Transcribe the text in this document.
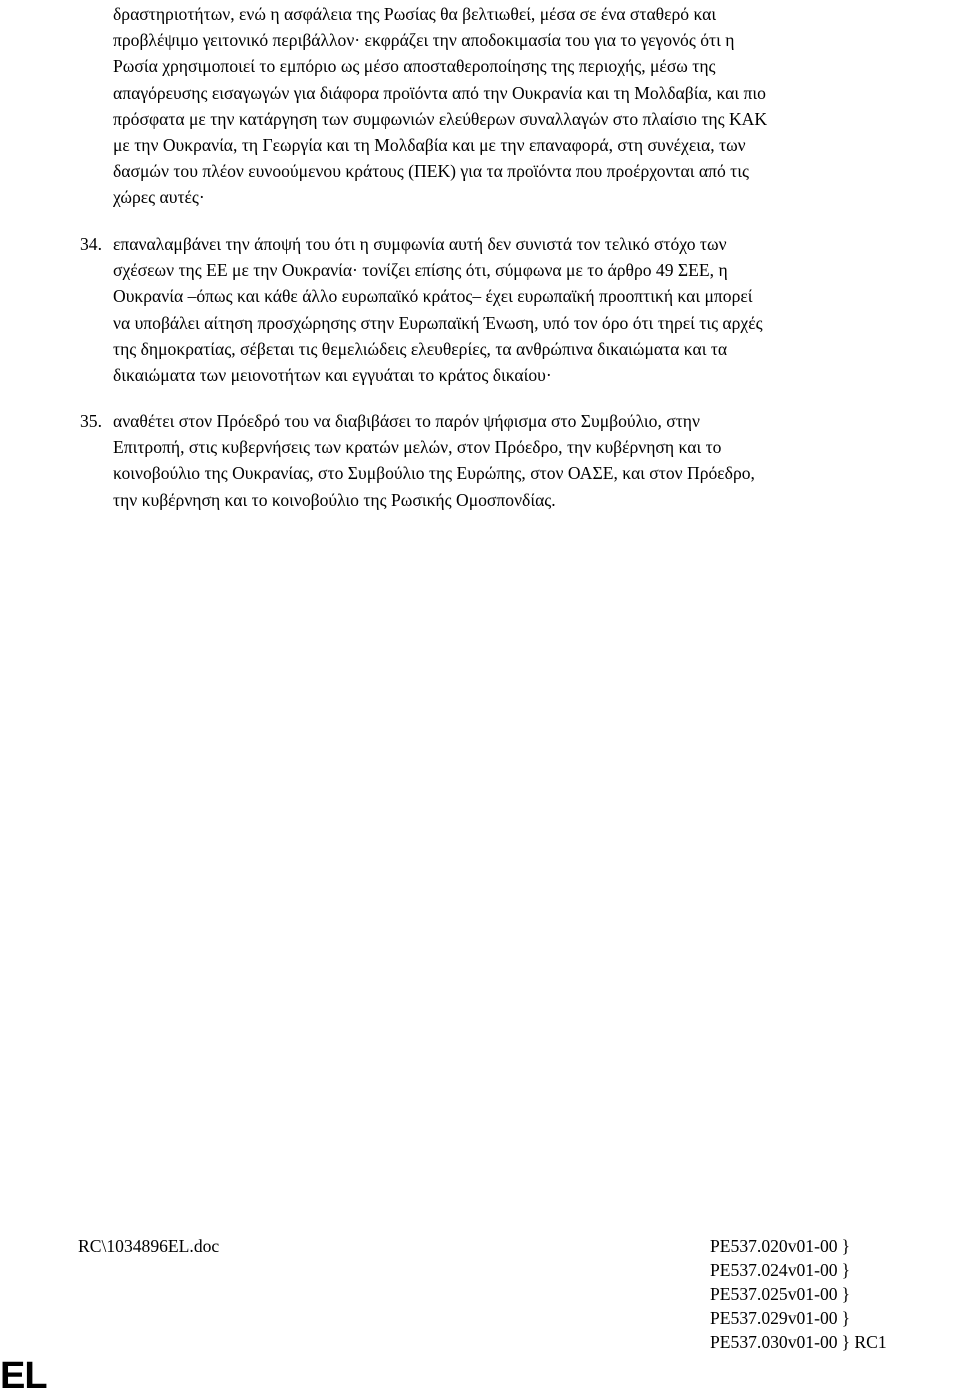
δραστηριοτήτων, ενώ η ασφάλεια της Ρωσίας θα βελτιωθεί, μέσα σε ένα σταθερό και
προβλέψιμο γειτονικό περιβάλλον· εκφράζει την αποδοκιμασία του για το γεγονός ότι η
Ρωσία χρησιμοποιεί το εμπόριο ως μέσο αποσταθεροποίησης της περιοχής, μέσω της
απαγόρευσης εισαγωγών για διάφορα προϊόντα από την Ουκρανία και τη Μολδαβία, και πιο
πρόσφατα με την κατάργηση των συμφωνιών ελεύθερων συναλλαγών στο πλαίσιο της ΚΑΚ
με την Ουκρανία, τη Γεωργία και τη Μολδαβία και με την επαναφορά, στη συνέχεια, των
δασμών του πλέον ευνοούμενου κράτους (ΠΕΚ) για τα προϊόντα που προέρχονται από τις
χώρες αυτές·
34. επαναλαμβάνει την άποψή του ότι η συμφωνία αυτή δεν συνιστά τον τελικό στόχο των
σχέσεων της ΕΕ με την Ουκρανία· τονίζει επίσης ότι, σύμφωνα με το άρθρο 49 ΣΕΕ, η
Ουκρανία –όπως και κάθε άλλο ευρωπαϊκό κράτος– έχει ευρωπαϊκή προοπτική και μπορεί
να υποβάλει αίτηση προσχώρησης στην Ευρωπαϊκή Ένωση, υπό τον όρο ότι τηρεί τις αρχές
της δημοκρατίας, σέβεται τις θεμελιώδεις ελευθερίες, τα ανθρώπινα δικαιώματα και τα
δικαιώματα των μειονοτήτων και εγγυάται το κράτος δικαίου·
35. αναθέτει στον Πρόεδρό του να διαβιβάσει το παρόν ψήφισμα στο Συμβούλιο, στην
Επιτροπή, στις κυβερνήσεις των κρατών μελών, στον Πρόεδρο, την κυβέρνηση και το
κοινοβούλιο της Ουκρανίας, στο Συμβούλιο της Ευρώπης, στον ΟΑΣΕ, και στον Πρόεδρο,
την κυβέρνηση και το κοινοβούλιο της Ρωσικής Ομοσπονδίας.
RC\1034896EL.doc	PE537.020v01-00 }
PE537.024v01-00 }
PE537.025v01-00 }
PE537.029v01-00 }
PE537.030v01-00 } RC1
EL
